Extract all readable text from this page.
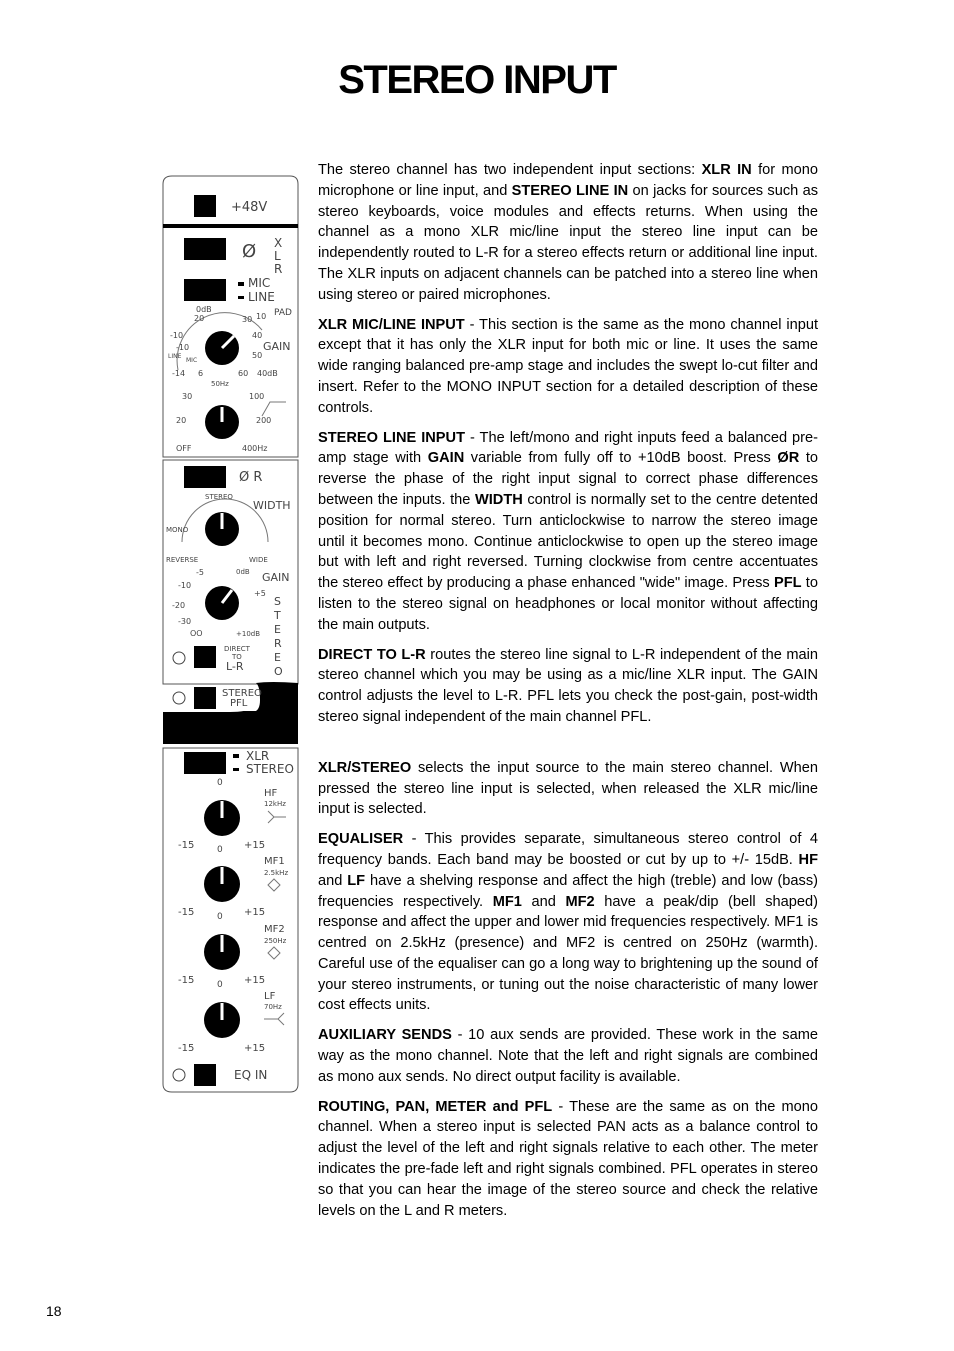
STEREO INPUT
+48V
Ø X
L
R
MIC
LINE
PAD
0dB
20	30 10
-10	40
-10	GAIN
LINE
MIC
50
-14 6	60 40dB
50Hz
30	100
20	200
OFF	400Hz
Ø R
STEREO
WIDTH
MONO
REVERSE	WIDE
-5	0dB GAIN
-10
+5
-20
-30
OO	+10dB
S
T
E
R
E
O
DIRECT
TO
L-R
STEREO
PFL
XLR
STEREO
0
HF
12kHz
-15	+15
0
MF1
2.5kHz
-15	+15
0
MF2
250Hz
-15	+15
0
LF
70Hz
-15	+15
EQ IN

The stereo channel has two independent input sections: XLR IN for mono microphone or line input, and STEREO LINE IN on jacks for sources such as stereo keyboards, voice modules and effects returns. When using the channel as a mono XLR mic/line input the stereo line input can be independently routed to L-R for a stereo effects return or additional line input. The XLR inputs on adjacent channels can be patched into a stereo line when using stereo or paired microphones.

XLR MIC/LINE INPUT - This section is the same as the mono channel input except that it has only the XLR input for both mic or line. It uses the same wide ranging balanced pre-amp stage and includes the swept lo-cut filter and insert. Refer to the MONO INPUT section for a detailed description of these controls.

STEREO LINE INPUT - The left/mono and right inputs feed a balanced pre-amp stage with GAIN variable from fully off to +10dB boost. Press ØR to reverse the phase of the right input signal to correct phase differences between the inputs. the WIDTH control is normally set to the centre detented position for normal stereo. Turn anticlockwise to narrow the stereo image until it becomes mono. Continue anticlockwise to open up the stereo image but with left and right reversed. Turning clockwise from centre accentuates the stereo effect by producing a phase enhanced "wide" image. Press PFL to listen to the stereo signal on headphones or local monitor without affecting the main outputs.

DIRECT TO L-R routes the stereo line signal to L-R independent of the main stereo channel which you may be using as a mic/line XLR input. The GAIN control adjusts the level to L-R. PFL lets you check the post-gain, post-width stereo signal independent of the main channel PFL.

XLR/STEREO selects the input source to the main stereo channel. When pressed the stereo line input is selected, when released the XLR mic/line input is selected.

EQUALISER - This provides separate, simultaneous stereo control of 4 frequency bands. Each band may be boosted or cut by up to +/- 15dB. HF and LF have a shelving response and affect the high (treble) and low (bass) frequencies respectively. MF1 and MF2 have a peak/dip (bell shaped) response and affect the upper and lower mid frequencies respectively. MF1 is centred on 2.5kHz (presence) and MF2 is centred on 250Hz (warmth). Careful use of the equaliser can go a long way to brightening up the sound of your stereo instruments, or tuning out the noise characteristic of many lower cost effects units.

AUXILIARY SENDS - 10 aux sends are provided. These work in the same way as the mono channel. Note that the left and right signals are combined as mono aux sends. No direct output facility is available.

ROUTING, PAN, METER and PFL - These are the same as on the mono channel. When a stereo input is selected PAN acts as a balance control to adjust the level of the left and right signals relative to each other. The meter indicates the pre-fade left and right signals combined. PFL operates in stereo so that you can hear the image of the stereo source and check the relative levels on the L and R meters.

18
